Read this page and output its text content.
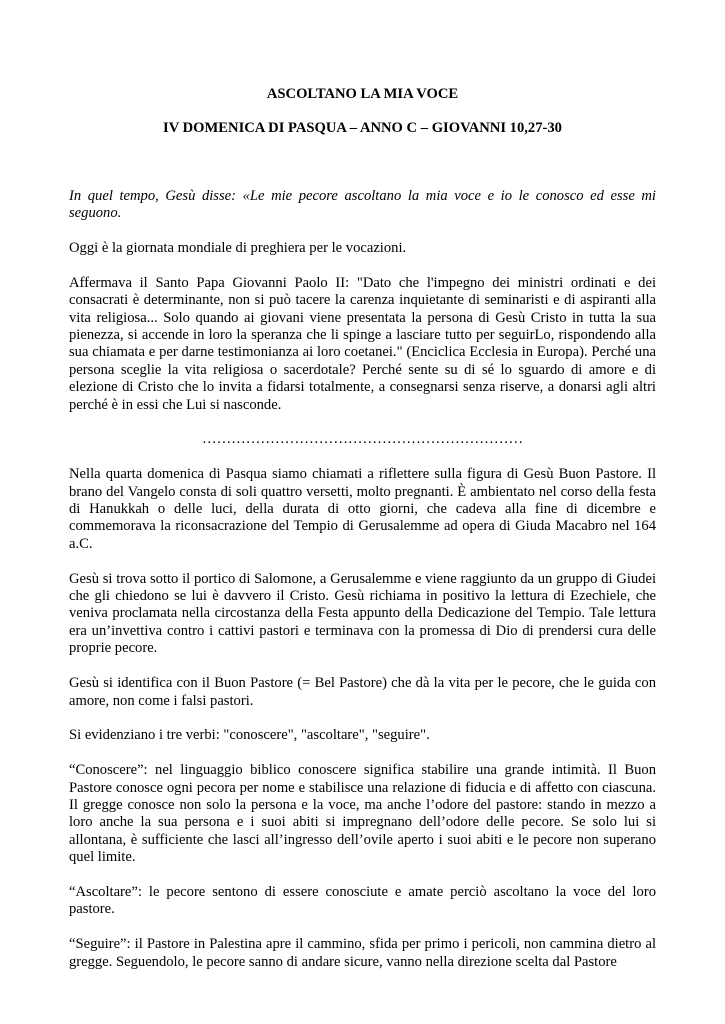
ASCOLTANO LA MIA VOCE
IV DOMENICA DI PASQUA – ANNO C – GIOVANNI 10,27-30

In quel tempo, Gesù disse: «Le mie pecore ascoltano la mia voce e io le conosco ed esse mi seguono.

Oggi è la giornata mondiale di preghiera per le vocazioni.

Affermava il Santo Papa Giovanni Paolo II: "Dato che l'impegno dei ministri ordinati e dei consacrati è determinante, non si può tacere la carenza inquietante di seminaristi e di aspiranti alla vita religiosa... Solo quando ai giovani viene presentata la persona di Gesù Cristo in tutta la sua pienezza, si accende in loro la speranza che li spinge a lasciare tutto per seguirLo, rispondendo alla sua chiamata e per darne testimonianza ai loro coetanei." (Enciclica Ecclesia in Europa). Perché una persona sceglie la vita religiosa o sacerdotale? Perché sente su di sé lo sguardo di amore e di elezione di Cristo che lo invita a fidarsi totalmente, a consegnarsi senza riserve, a donarsi agli altri perché è in essi che Lui si nasconde.

…………………………………………………………

Nella quarta domenica di Pasqua siamo chiamati a riflettere sulla figura di Gesù Buon Pastore. Il brano del Vangelo consta di soli quattro versetti, molto pregnanti. È ambientato nel corso della festa di Hanukkah o delle luci, della durata di otto giorni, che cadeva alla fine di dicembre e commemorava la riconsacrazione del Tempio di Gerusalemme ad opera di Giuda Macabro nel 164 a.C.

Gesù si trova sotto il portico di Salomone, a Gerusalemme e viene raggiunto da un gruppo di Giudei che gli chiedono se lui è davvero il Cristo. Gesù richiama in positivo la lettura di Ezechiele, che veniva proclamata nella circostanza della Festa appunto della Dedicazione del Tempio. Tale lettura era un’invettiva contro i cattivi pastori e terminava con la promessa di Dio di prendersi cura delle proprie pecore.

Gesù si identifica con il Buon Pastore (= Bel Pastore) che dà la vita per le pecore, che le guida con amore, non come i falsi pastori.

Si evidenziano i tre verbi: "conoscere", "ascoltare", "seguire".

“Conoscere”: nel linguaggio biblico conoscere significa stabilire una grande intimità. Il Buon Pastore conosce ogni pecora per nome e stabilisce una relazione di fiducia e di affetto con ciascuna. Il gregge conosce non solo la persona e la voce, ma anche l’odore del pastore: stando in mezzo a loro anche la sua persona e i suoi abiti si impregnano dell’odore delle pecore. Se solo lui si allontana, è sufficiente che lasci all’ingresso dell’ovile aperto i suoi abiti e le pecore non superano quel limite.

“Ascoltare”: le pecore sentono di essere conosciute e amate perciò ascoltano la voce del loro pastore.

“Seguire”: il Pastore in Palestina apre il cammino, sfida per primo i pericoli, non cammina dietro al gregge. Seguendolo, le pecore sanno di andare sicure, vanno nella direzione scelta dal Pastore
